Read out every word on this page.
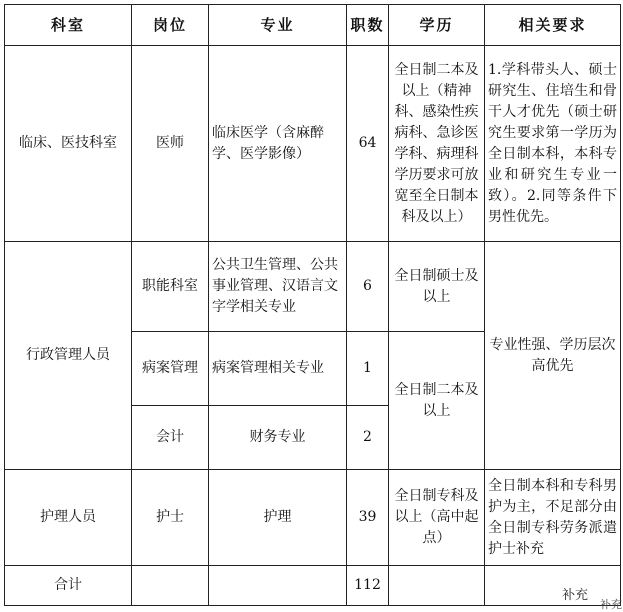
科室	岗位	专业	职数	学历	相关要求
临床、医技科室	医师	临床医学（含麻醉学、医学影像）	64	全日制二本及以上（精神科、感染性疾病科、急诊医学科、病理科学历要求可放宽至全日制本科及以上）	1.学科带头人、硕士研究生、住培生和骨干人才优先（硕士研究生要求第一学历为全日制本科，本科专业和研究生专业一致）。2.同等条件下男性优先。
行政管理人员	职能科室	公共卫生管理、公共事业管理、汉语言文字学相关专业	6	全日制硕士及以上	专业性强、学历层次高优先
	病案管理	病案管理相关专业	1	全日制二本及以上	
	会计	财务专业	2		
护理人员	护士	护理	39	全日制专科及以上（高中起点）	全日制本科和专科男护为主，不足部分由全日制专科劳务派遣护士补充
合计			112		
补充
补充
